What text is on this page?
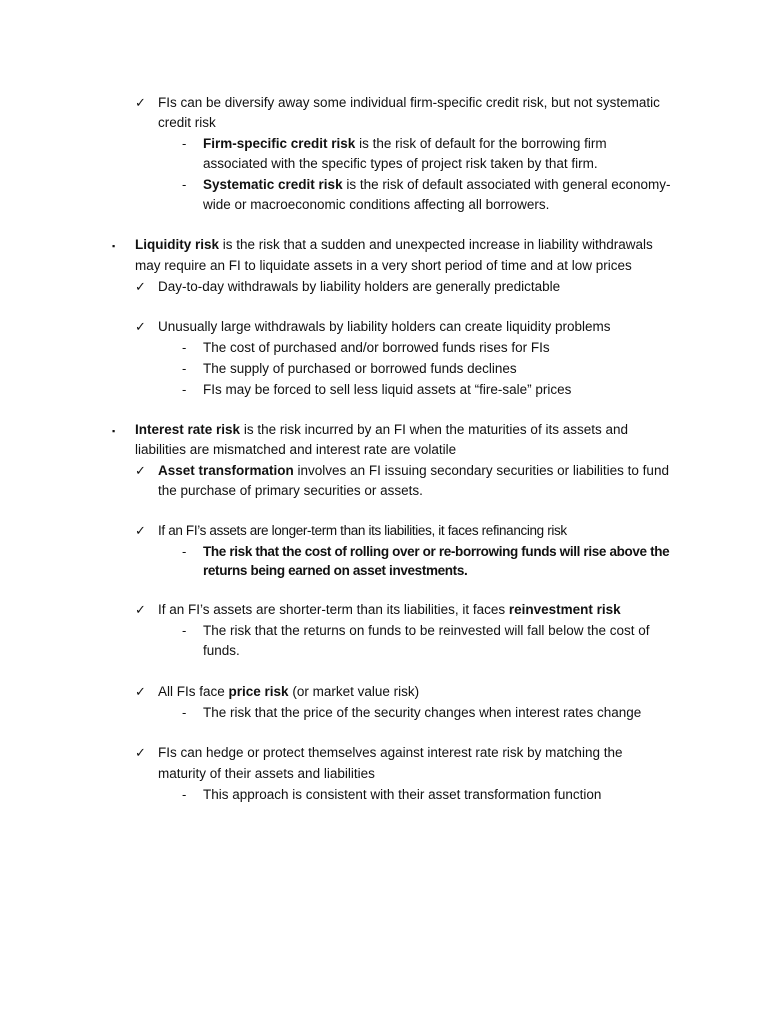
✓ FIs can be diversify away some individual firm-specific credit risk, but not systematic
credit risk
- Firm-specific credit risk is the risk of default for the borrowing firm
associated with the specific types of project risk taken by that firm.
- Systematic credit risk is the risk of default associated with general economy-
wide or macroeconomic conditions affecting all borrowers.
▪ Liquidity risk is the risk that a sudden and unexpected increase in liability withdrawals
may require an FI to liquidate assets in a very short period of time and at low prices
✓ Day-to-day withdrawals by liability holders are generally predictable
✓ Unusually large withdrawals by liability holders can create liquidity problems
- The cost of purchased and/or borrowed funds rises for FIs
- The supply of purchased or borrowed funds declines
- FIs may be forced to sell less liquid assets at “fire-sale” prices
▪ Interest rate risk is the risk incurred by an FI when the maturities of its assets and
liabilities are mismatched and interest rate are volatile
✓ Asset transformation involves an FI issuing secondary securities or liabilities to fund
the purchase of primary securities or assets.
✓ If an FI’s assets are longer-term than its liabilities, it faces refinancing risk
- The risk that the cost of rolling over or re-borrowing funds will rise above the
returns being earned on asset investments.
✓ If an FI’s assets are shorter-term than its liabilities, it faces reinvestment risk
- The risk that the returns on funds to be reinvested will fall below the cost of
funds.
✓ All FIs face price risk (or market value risk)
- The risk that the price of the security changes when interest rates change
✓ FIs can hedge or protect themselves against interest rate risk by matching the
maturity of their assets and liabilities
- This approach is consistent with their asset transformation function
